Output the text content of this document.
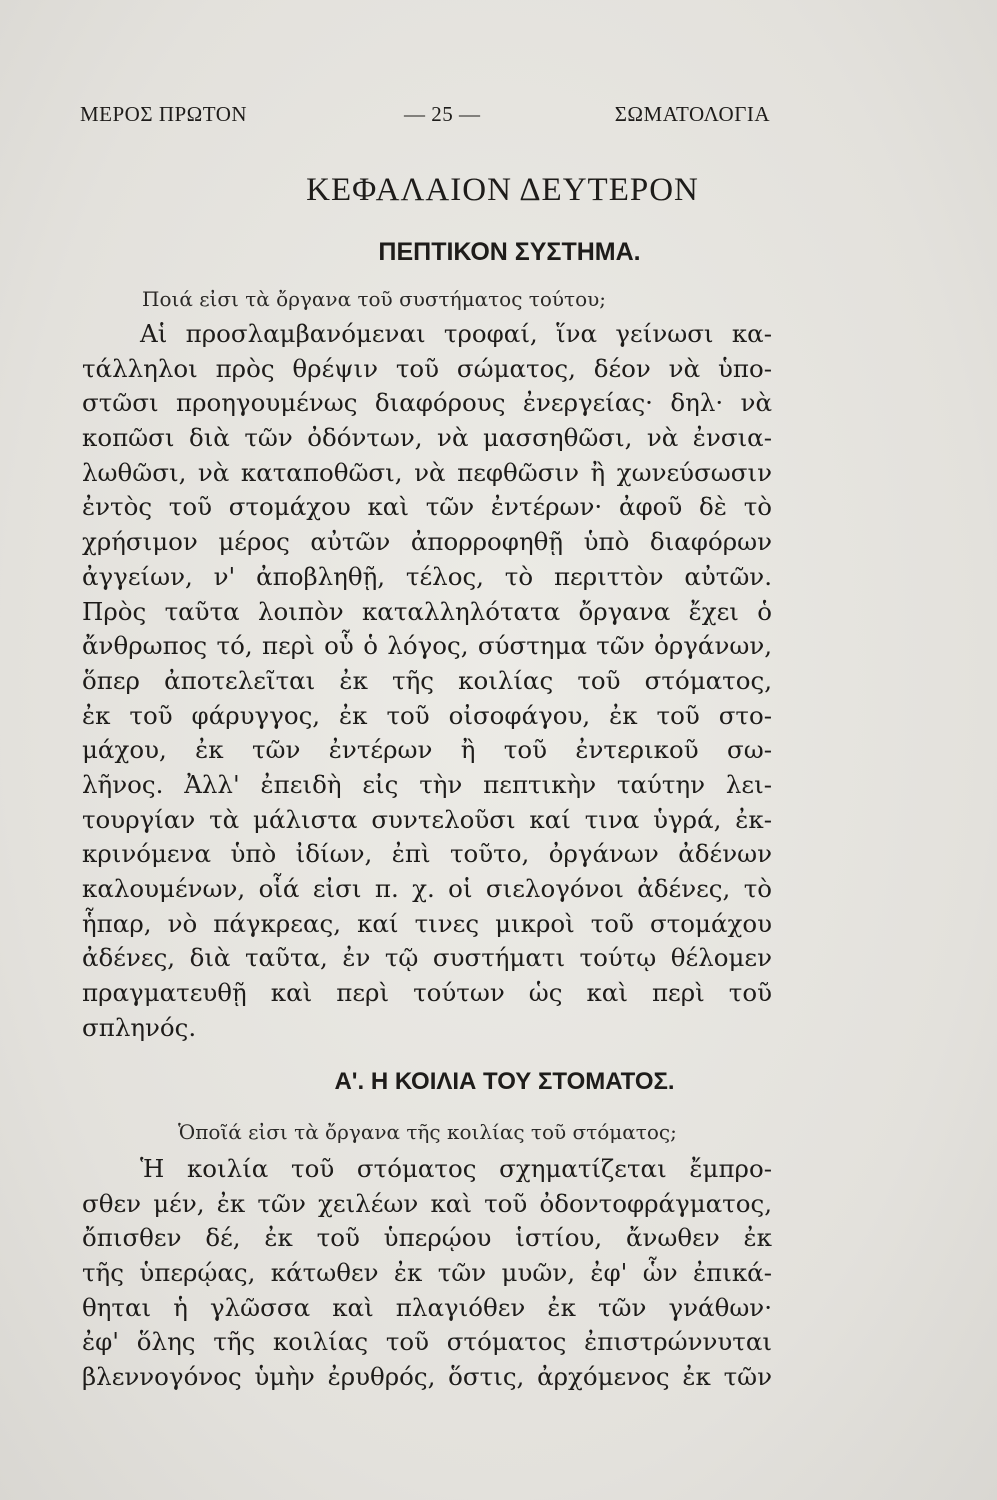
ΜΕΡΟΣ ΠΡΩΤΟΝ	— 25 —	ΣΩΜΑΤΟΛΟΓΙΑ
ΚΕΦΑΛΑΙΟΝ ΔΕΥΤΕΡΟΝ
ΠΕΠΤΙΚΟΝ ΣΥΣΤΗΜΑ.
Ποιά εἰσι τὰ ὄργανα τοῦ συστήματος τούτου;
Αἱ προσλαμβανόμεναι τροφαί, ἵνα γείνωσι κα-
τάλληλοι πρὸς θρέψιν τοῦ σώματος, δέον νὰ ὑπο-
στῶσι προηγουμένως διαφόρους ἐνεργείας· δηλ· νὰ
κοπῶσι διὰ τῶν ὀδόντων, νὰ μασσηθῶσι, νὰ ἐνσια-
λωθῶσι, νὰ καταποθῶσι, νὰ πεφθῶσιν ἢ χωνεύσωσιν
ἐντὸς τοῦ στομάχου καὶ τῶν ἐντέρων· ἀφοῦ δὲ τὸ
χρήσιμον μέρος αὐτῶν ἀπορροφηθῇ ὑπὸ διαφόρων
ἀγγείων, ν' ἀποβληθῇ, τέλος, τὸ περιττὸν αὐτῶν.
Πρὸς ταῦτα λοιπὸν καταλληλότατα ὄργανα ἔχει ὁ
ἄνθρωπος τό, περὶ οὗ ὁ λόγος, σύστημα τῶν ὀργάνων,
ὅπερ ἀποτελεῖται ἐκ τῆς κοιλίας τοῦ στόματος,
ἐκ τοῦ φάρυγγος, ἐκ τοῦ οἰσοφάγου, ἐκ τοῦ στο-
μάχου, ἐκ τῶν ἐντέρων ἢ τοῦ ἐντερικοῦ σω-
λῆνος. Ἀλλ' ἐπειδὴ εἰς τὴν πεπτικὴν ταύτην λει-
τουργίαν τὰ μάλιστα συντελοῦσι καί τινα ὑγρά, ἐκ-
κρινόμενα ὑπὸ ἰδίων, ἐπὶ τοῦτο, ὀργάνων ἀδένων
καλουμένων, οἷά εἰσι π. χ. οἱ σιελογόνοι ἀδένες, τὸ
ἧπαρ, νὸ πάγκρεας, καί τινες μικροὶ τοῦ στομάχου
ἀδένες, διὰ ταῦτα, ἐν τῷ συστήματι τούτῳ θέλομεν
πραγματευθῇ καὶ περὶ τούτων ὡς καὶ περὶ τοῦ
σπληνός.
Α'. Η ΚΟΙΛΙΑ ΤΟΥ ΣΤΟΜΑΤΟΣ.
Ὁποῖά εἰσι τὰ ὄργανα τῆς κοιλίας τοῦ στόματος;
Ἡ κοιλία τοῦ στόματος σχηματίζεται ἔμπρο-
σθεν μέν, ἐκ τῶν χειλέων καὶ τοῦ ὀδοντοφράγματος,
ὄπισθεν δέ, ἐκ τοῦ ὑπερῴου ἱστίου, ἄνωθεν ἐκ
τῆς ὑπερῴας, κάτωθεν ἐκ τῶν μυῶν, ἐφ' ὧν ἐπικά-
θηται ἡ γλῶσσα καὶ πλαγιόθεν ἐκ τῶν γνάθων·
ἐφ' ὅλης τῆς κοιλίας τοῦ στόματος ἐπιστρώννυται
βλεννογόνος ὑμὴν ἐρυθρός, ὅστις, ἀρχόμενος ἐκ τῶν
